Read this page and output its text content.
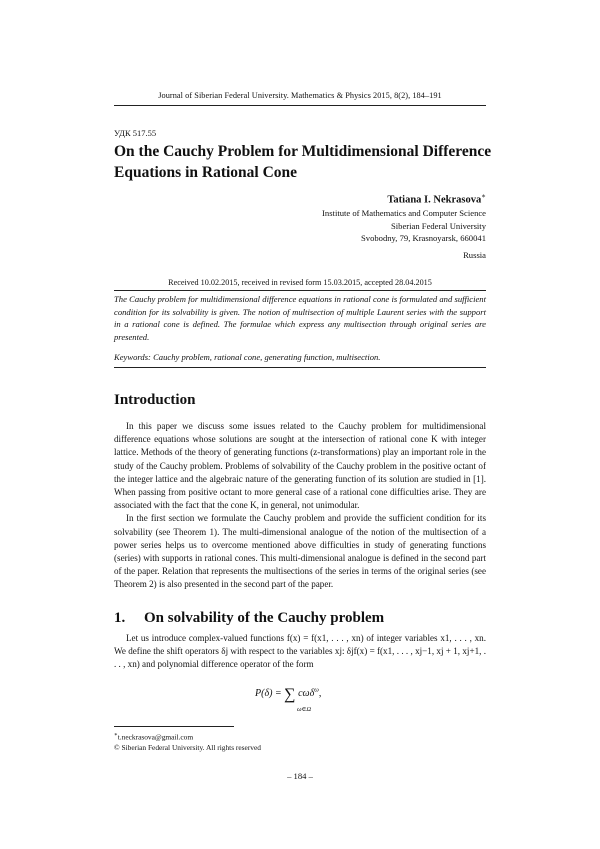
Journal of Siberian Federal University. Mathematics & Physics 2015, 8(2), 184–191
УДК 517.55
On the Cauchy Problem for Multidimensional Difference
Equations in Rational Cone
Tatiana I. Nekrasova∗
Institute of Mathematics and Computer Science
Siberian Federal University
Svobodny, 79, Krasnoyarsk, 660041
Russia
Received 10.02.2015, received in revised form 15.03.2015, accepted 28.04.2015
The Cauchy problem for multidimensional difference equations in rational cone is formulated and sufficient condition for its solvability is given. The notion of multisection of multiple Laurent series with the support in a rational cone is defined. The formulae which express any multisection through original series are presented.
Keywords: Cauchy problem, rational cone, generating function, multisection.
Introduction

In this paper we discuss some issues related to the Cauchy problem for multidimensional difference equations whose solutions are sought at the intersection of rational cone K with integer lattice. Methods of the theory of generating functions (z-transformations) play an important role in the study of the Cauchy problem. Problems of solvability of the Cauchy problem in the positive octant of the integer lattice and the algebraic nature of the generating function of its solution are studied in [1]. When passing from positive octant to more general case of a rational cone difficulties arise. They are associated with the fact that the cone K, in general, not unimodular.

In the first section we formulate the Cauchy problem and provide the sufficient condition for its solvability (see Theorem 1). The multi-dimensional analogue of the notion of the multisection of a power series helps us to overcome mentioned above difficulties in study of generating functions (series) with supports in rational cones. This multi-dimensional analogue is defined in the second part of the paper. Relation that represents the multisections of the series in terms of the original series (see Theorem 2) is also presented in the second part of the paper.

1. On solvability of the Cauchy problem

Let us introduce complex-valued functions f(x) = f(x1, . . . , xn) of integer variables x1, . . . , xn. We define the shift operators δj with respect to the variables xj: δjf(x) = f(x1, . . . , xj−1, xj + 1, xj+1, . . . , xn) and polynomial difference operator of the form

P(δ) = ∑ cωδ$^\omega$,
ω∈Ω
∗t.neckrasova@gmail.com
© Siberian Federal University. All rights reserved
– 184 –
